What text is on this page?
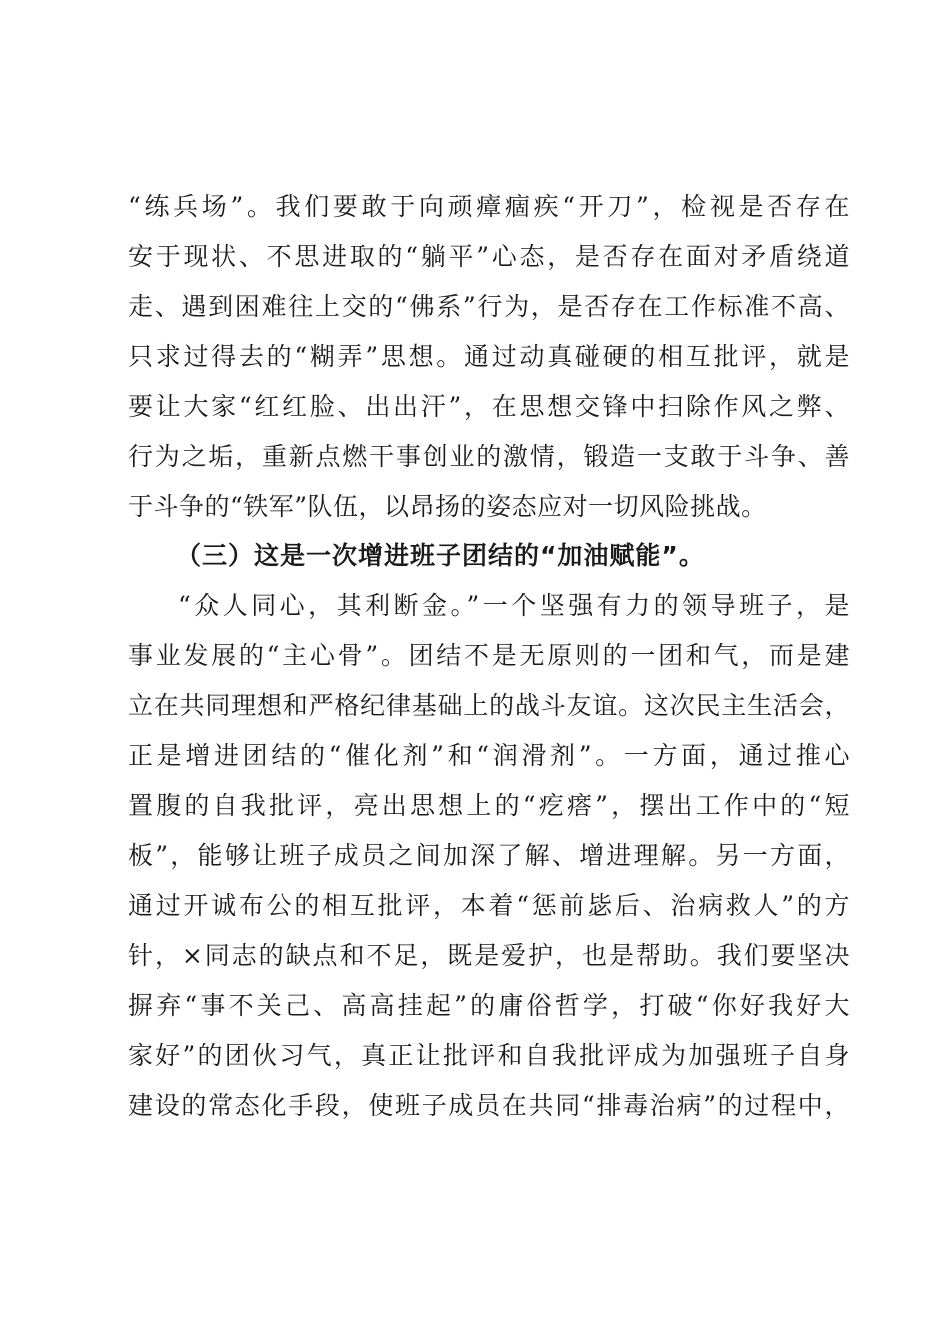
“练兵场”。我们要敢于向顽瘴痼疾“开刀”，检视是否存在
安于现状、不思进取的“躺平”心态，是否存在面对矛盾绕道
走、遇到困难往上交的“佛系”行为，是否存在工作标准不高、
只求过得去的“糊弄”思想。通过动真碰硬的相互批评，就是
要让大家“红红脸、出出汗”，在思想交锋中扫除作风之弊、
行为之垢，重新点燃干事创业的激情，锻造一支敢于斗争、善
于斗争的“铁军”队伍，以昂扬的姿态应对一切风险挑战。
（三）这是一次增进班子团结的“加油赋能”。
“众人同心，其利断金。”一个坚强有力的领导班子，是
事业发展的“主心骨”。团结不是无原则的一团和气，而是建
立在共同理想和严格纪律基础上的战斗友谊。这次民主生活会，
正是增进团结的“催化剂”和“润滑剂”。一方面，通过推心
置腹的自我批评，亮出思想上的“疙瘩”，摆出工作中的“短
板”，能够让班子成员之间加深了解、增进理解。另一方面，
通过开诚布公的相互批评，本着“惩前毖后、治病救人”的方
针，×同志的缺点和不足，既是爱护，也是帮助。我们要坚决
摒弃“事不关己、高高挂起”的庸俗哲学，打破“你好我好大
家好”的团伙习气，真正让批评和自我批评成为加强班子自身
建设的常态化手段，使班子成员在共同“排毒治病”的过程中，
